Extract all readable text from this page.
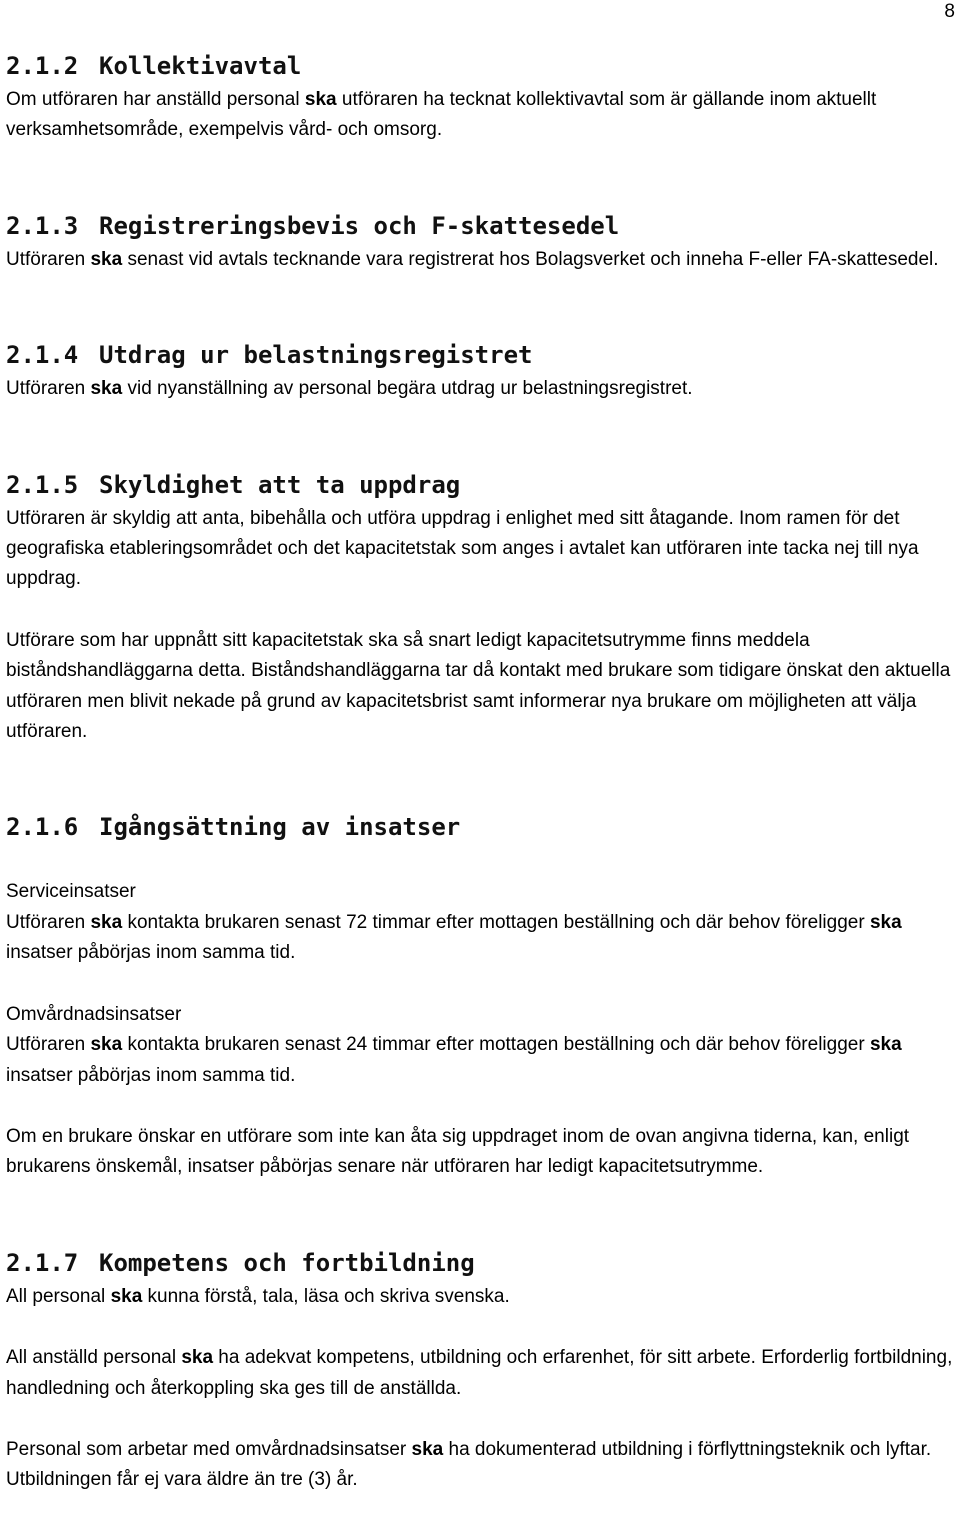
8
2.1.2 Kollektivavtal

Om utföraren har anställd personal ska utföraren ha tecknat kollektivavtal som är gällande inom aktuellt verksamhetsområde, exempelvis vård- och omsorg.

2.1.3 Registreringsbevis och F-skattesedel

Utföraren ska senast vid avtals tecknande vara registrerat hos Bolagsverket och inneha F-eller FA-skattesedel.

2.1.4 Utdrag ur belastningsregistret

Utföraren ska vid nyanställning av personal begära utdrag ur belastningsregistret.

2.1.5 Skyldighet att ta uppdrag

Utföraren är skyldig att anta, bibehålla och utföra uppdrag i enlighet med sitt åtagande. Inom ramen för det geografiska etableringsområdet och det kapacitetstak som anges i avtalet kan utföraren inte tacka nej till nya uppdrag.

Utförare som har uppnått sitt kapacitetstak ska så snart ledigt kapacitetsutrymme finns meddela biståndshandläggarna detta. Biståndshandläggarna tar då kontakt med brukare som tidigare önskat den aktuella utföraren men blivit nekade på grund av kapacitetsbrist samt informerar nya brukare om möjligheten att välja utföraren.

2.1.6 Igångsättning av insatser

Serviceinsatser

Utföraren ska kontakta brukaren senast 72 timmar efter mottagen beställning och där behov föreligger ska insatser påbörjas inom samma tid.

Omvårdnadsinsatser

Utföraren ska kontakta brukaren senast 24 timmar efter mottagen beställning och där behov föreligger ska insatser påbörjas inom samma tid.

Om en brukare önskar en utförare som inte kan åta sig uppdraget inom de ovan angivna tiderna, kan, enligt brukarens önskemål, insatser påbörjas senare när utföraren har ledigt kapacitetsutrymme.

2.1.7 Kompetens och fortbildning

All personal ska kunna förstå, tala, läsa och skriva svenska.

All anställd personal ska ha adekvat kompetens, utbildning och erfarenhet, för sitt arbete. Erforderlig fortbildning, handledning och återkoppling ska ges till de anställda.

Personal som arbetar med omvårdnadsinsatser ska ha dokumenterad utbildning i förflyttningsteknik och lyftar. Utbildningen får ej vara äldre än tre (3) år.
